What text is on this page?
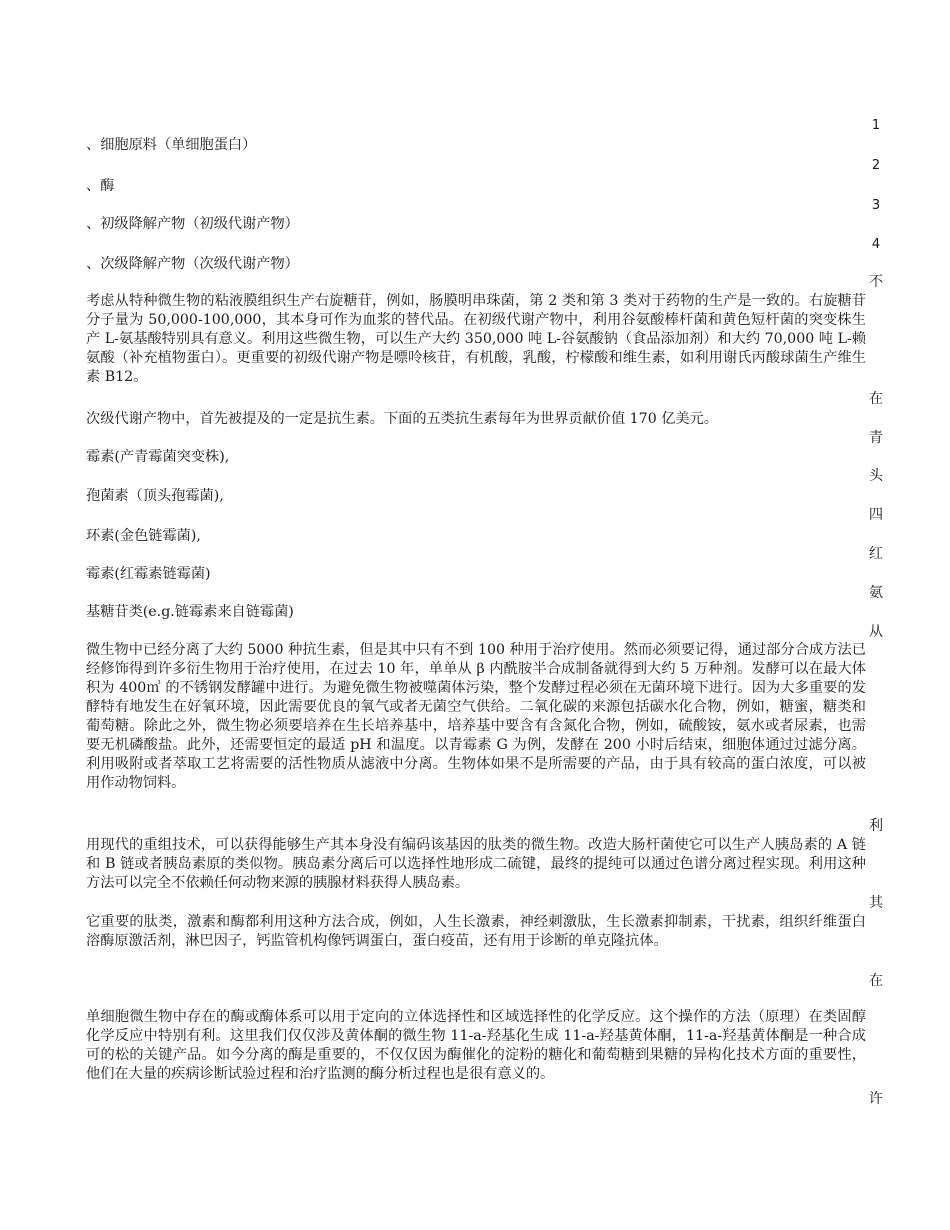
、细胞原料（单细胞蛋白）

、酶

、初级降解产物（初级代谢产物）

、次级降解产物（次级代谢产物）

考虑从特种微生物的粘液膜组织生产右旋糖苷，例如，肠膜明串珠菌，第 2 类和第 3 类对于药物的生产是一致的。右旋糖苷分子量为 50,000-100,000，其本身可作为血浆的替代品。在初级代谢产物中，利用谷氨酸棒杆菌和黄色短杆菌的突变株生产 L-氨基酸特别具有意义。利用这些微生物，可以生产大约 350,000 吨 L-谷氨酸钠（食品添加剂）和大约 70,000 吨 L-赖氨酸（补充植物蛋白）。更重要的初级代谢产物是嘌呤核苷，有机酸，乳酸，柠檬酸和维生素，如利用谢氏丙酸球菌生产维生素 B12。

次级代谢产物中，首先被提及的一定是抗生素。下面的五类抗生素每年为世界贡献价值 170 亿美元。

霉素(产青霉菌突变株),

孢菌素（顶头孢霉菌),

环素(金色链霉菌),

霉素(红霉素链霉菌)

基糖苷类(e.g.链霉素来自链霉菌)

微生物中已经分离了大约 5000 种抗生素，但是其中只有不到 100 种用于治疗使用。然而必须要记得，通过部分合成方法已经修饰得到许多衍生物用于治疗使用，在过去 10 年，单单从 β 内酰胺半合成制备就得到大约 5 万种剂。发酵可以在最大体积为 400㎥ 的不锈钢发酵罐中进行。为避免微生物被噬菌体污染，整个发酵过程必须在无菌环境下进行。因为大多重要的发酵特有地发生在好氧环境，因此需要优良的氧气或者无菌空气供给。二氧化碳的来源包括碳水化合物，例如，糖蜜，糖类和葡萄糖。除此之外，微生物必须要培养在生长培养基中，培养基中要含有含氮化合物，例如，硫酸铵，氨水或者尿素，也需要无机磷酸盐。此外，还需要恒定的最适 pH 和温度。以青霉素 G 为例，发酵在 200 小时后结束，细胞体通过过滤分离。利用吸附或者萃取工艺将需要的活性物质从滤液中分离。生物体如果不是所需要的产品，由于具有较高的蛋白浓度，可以被用作动物饲料。

用现代的重组技术，可以获得能够生产其本身没有编码该基因的肽类的微生物。改造大肠杆菌使它可以生产人胰岛素的 A 链和 B 链或者胰岛素原的类似物。胰岛素分离后可以选择性地形成二硫键，最终的提纯可以通过色谱分离过程实现。利用这种方法可以完全不依赖任何动物来源的胰腺材料获得人胰岛素。

它重要的肽类，激素和酶都利用这种方法合成，例如，人生长激素，神经刺激肽，生长激素抑制素，干扰素，组织纤维蛋白溶酶原激活剂，淋巴因子，钙监管机构像钙调蛋白，蛋白疫苗，还有用于诊断的单克隆抗体。

单细胞微生物中存在的酶或酶体系可以用于定向的立体选择性和区域选择性的化学反应。这个操作的方法（原理）在类固醇化学反应中特别有利。这里我们仅仅涉及黄体酮的微生物 11-a-羟基化生成 11-a-羟基黄体酮，11-a-羟基黄体酮是一种合成可的松的关键产品。如今分离的酶是重要的，不仅仅因为酶催化的淀粉的糖化和葡萄糖到果糖的异构化技术方面的重要性，他们在大量的疾病诊断试验过程和治疗监测的酶分析过程也是很有意义的。

1

2

3

4

不

在

青

头

四

红

氨

从

利

其

在

许
